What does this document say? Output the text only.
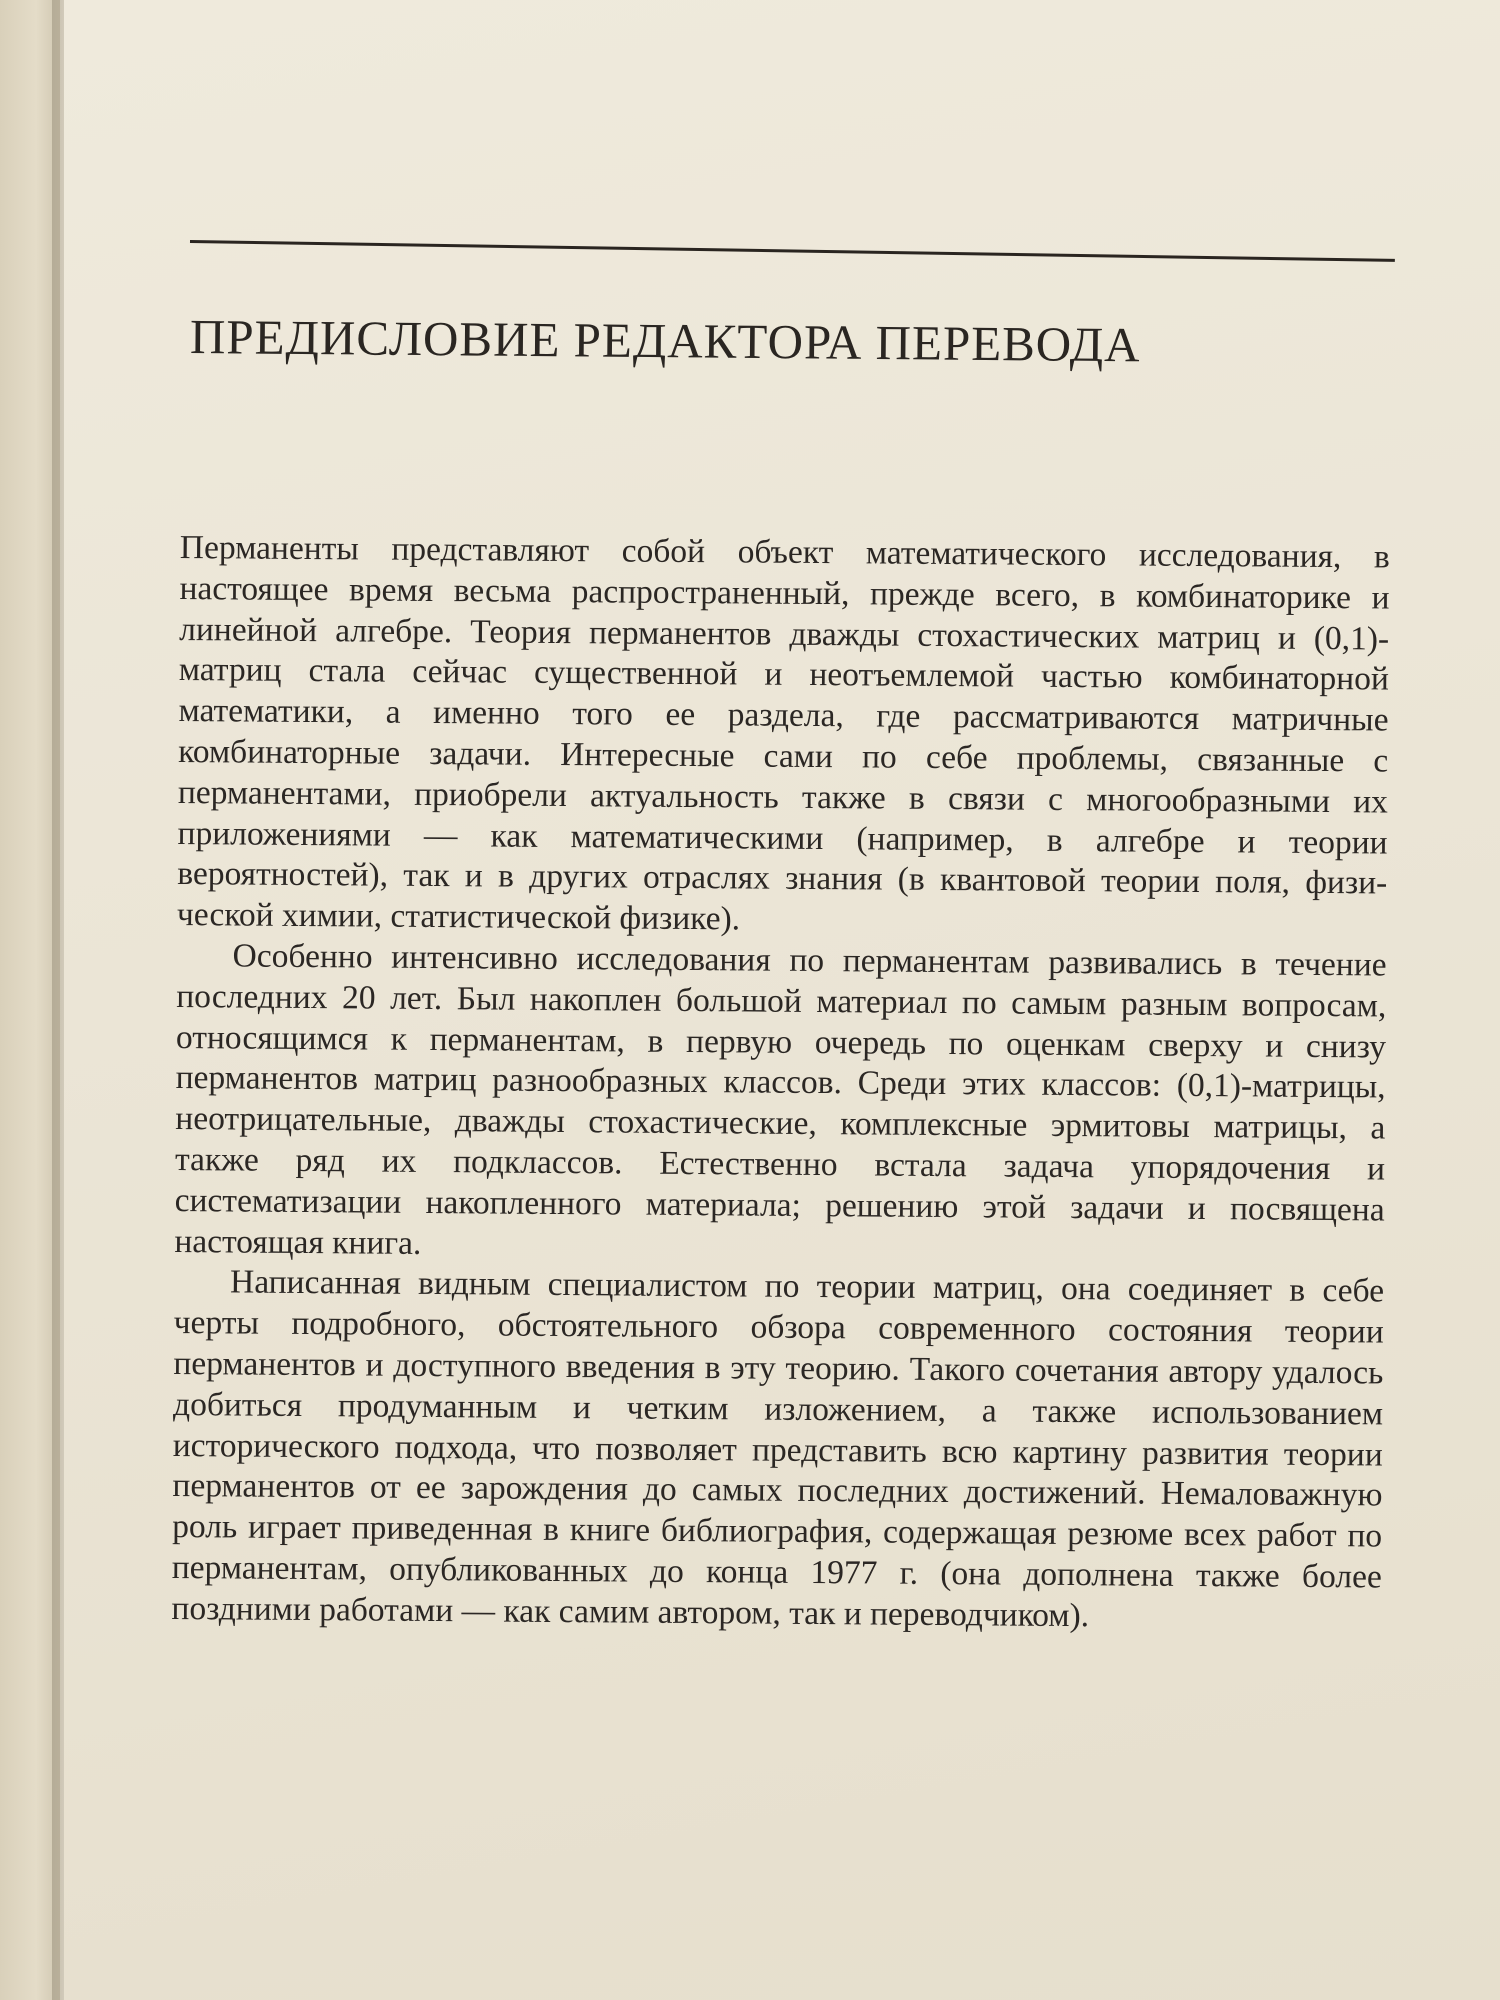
ПРЕДИСЛОВИЕ РЕДАКТОРА ПЕРЕВОДА

Перманенты представляют собой объект математического исследования, в настоящее время весьма распространенный, прежде всего, в комбинаторике и линейной алгебре. Теория перманентов дважды стохастических матриц и (0,1)-матриц стала сейчас существенной и неотъемлемой частью комбинаторной математики, а именно того ее раздела, где рассматриваются матричные комбинаторные задачи. Интересные сами по себе проблемы, связанные с перманентами, приобрели актуальность также в связи с многообразными их приложениями — как математическими (например, в алгебре и теории вероятностей), так и в других отраслях знания (в квантовой теории поля, физической химии, статистической физике).

Особенно интенсивно исследования по перманентам развивались в течение последних 20 лет. Был накоплен большой материал по самым разным вопросам, относящимся к перманентам, в первую очередь по оценкам сверху и снизу перманентов матриц разнообразных классов. Среди этих классов: (0,1)-матрицы, неотрицательные, дважды стохастические, комплексные эрмитовы матрицы, а также ряд их подклассов. Естественно встала задача упорядочения и систематизации накопленного материала; решению этой задачи и посвящена настоящая книга.

Написанная видным специалистом по теории матриц, она соединяет в себе черты подробного, обстоятельного обзора современного состояния теории перманентов и доступного введения в эту теорию. Такого сочетания автору удалось добиться продуманным и четким изложением, а также использованием исторического подхода, что позволяет представить всю картину развития теории перманентов от ее зарождения до самых последних достижений. Немаловажную роль играет приведенная в книге библиография, содержащая резюме всех работ по перманентам, опубликованных до конца 1977 г. (она дополнена также более поздними работами — как самим автором, так и переводчиком).
